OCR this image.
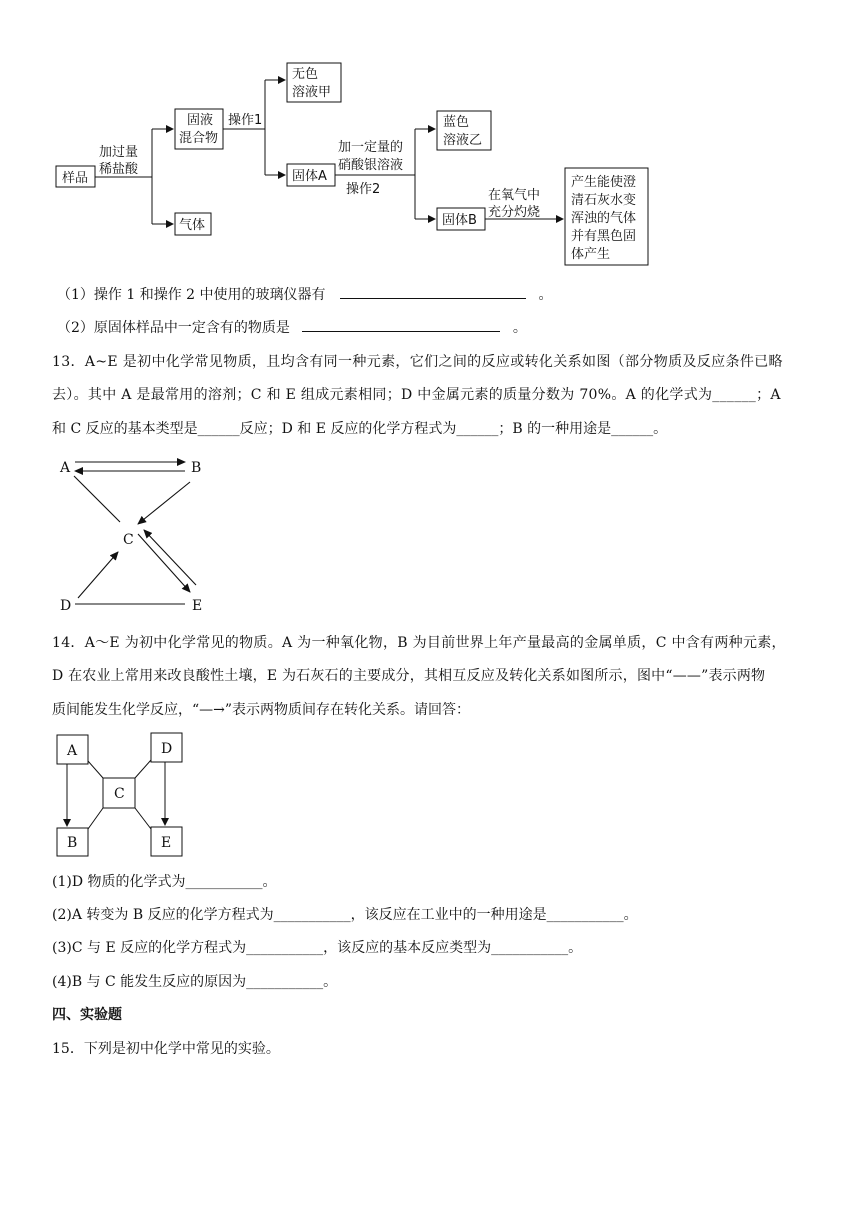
样品
加过量
稀盐酸
固液
混合物
气体
操作1
无色
溶液甲
固体A
加一定量的
硝酸银溶液
操作2
蓝色
溶液乙
固体B
在氧气中
充分灼烧
产生能使澄
清石灰水变
浑浊的气体
并有黑色固
体产生
（1）操作 1 和操作 2 中使用的玻璃仪器有	。
（2）原固体样品中一定含有的物质是	。
13．A~E 是初中化学常见物质，且均含有同一种元素，它们之间的反应或转化关系如图（部分物质及反应条件已略
去）。其中 A 是最常用的溶剂；C 和 E 组成元素相同；D 中金属元素的质量分数为 70%。A 的化学式为______；A
和 C 反应的基本类型是______反应；D 和 E 反应的化学方程式为______；B 的一种用途是______。
A	B
C
D	E
14．A～E 为初中化学常见的物质。A 为一种氧化物，B 为目前世界上年产量最高的金属单质，C 中含有两种元素，
D 在农业上常用来改良酸性土壤，E 为石灰石的主要成分，其相互反应及转化关系如图所示，图中“——”表示两物
质间能发生化学反应，“—→”表示两物质间存在转化关系。请回答：
A	D
C
B	E
(1)D 物质的化学式为___________。
(2)A 转变为 B 反应的化学方程式为___________，该反应在工业中的一种用途是___________。
(3)C 与 E 反应的化学方程式为___________，该反应的基本反应类型为___________。
(4)B 与 C 能发生反应的原因为___________。
四、实验题
15．下列是初中化学中常见的实验。
